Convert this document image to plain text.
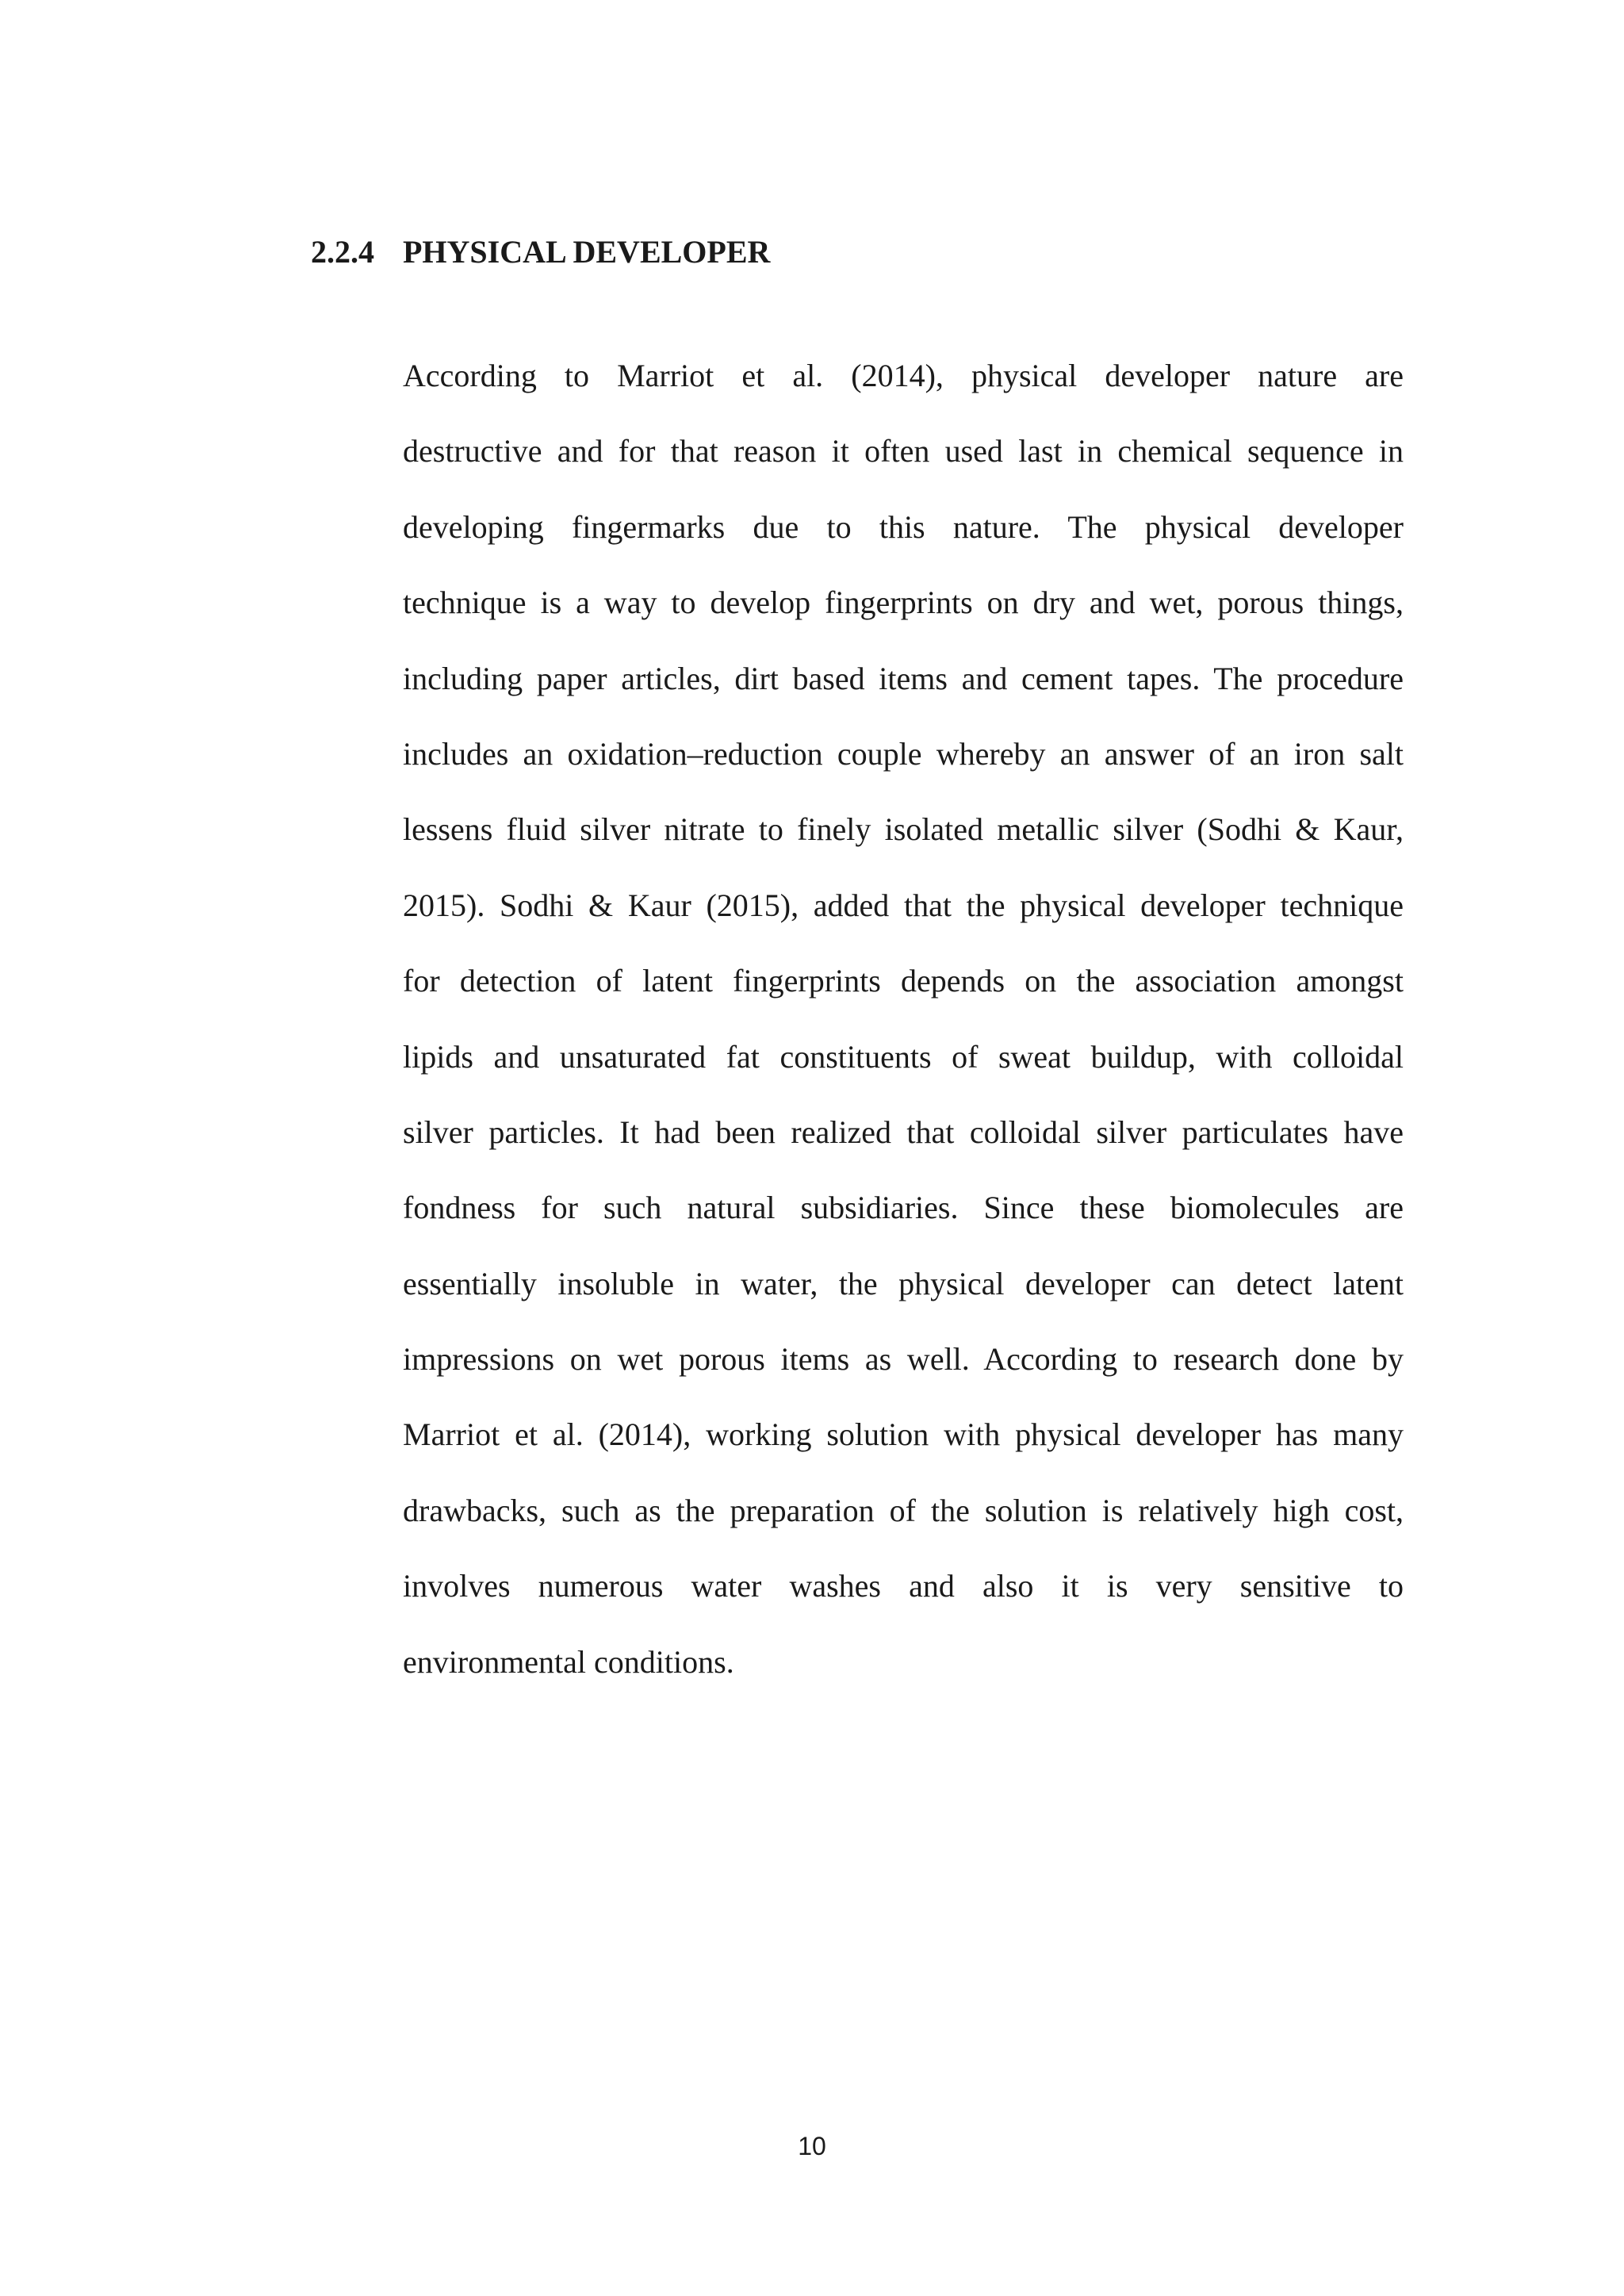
2.2.4 PHYSICAL DEVELOPER
According to Marriot et al. (2014), physical developer nature are
destructive and for that reason it often used last in chemical sequence in
developing fingermarks due to this nature. The physical developer
technique is a way to develop fingerprints on dry and wet, porous things,
including paper articles, dirt based items and cement tapes. The procedure
includes an oxidation–reduction couple whereby an answer of an iron salt
lessens fluid silver nitrate to finely isolated metallic silver (Sodhi & Kaur,
2015). Sodhi & Kaur (2015), added that the physical developer technique
for detection of latent fingerprints depends on the association amongst
lipids and unsaturated fat constituents of sweat buildup, with colloidal
silver particles. It had been realized that colloidal silver particulates have
fondness for such natural subsidiaries. Since these biomolecules are
essentially insoluble in water, the physical developer can detect latent
impressions on wet porous items as well. According to research done by
Marriot et al. (2014), working solution with physical developer has many
drawbacks, such as the preparation of the solution is relatively high cost,
involves numerous water washes and also it is very sensitive to
environmental conditions.
10
